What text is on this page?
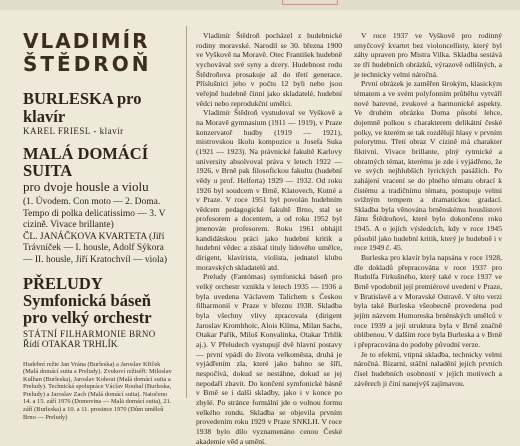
VLADIMÍR

ŠTĚDROŇ

BURLESKA pro klavír

KAREL FRIESL - klavír

MALÁ DOMÁCÍ

SUITA

pro dvoje housle a violu

(1. Úvodem. Con moto — 2. Doma. Tempo di polka delicatissimo — 3. V cizině. Vivace brillante)

ČL. JANÁČKOVA KVARTETA (Jiří Trávníček — I. housle, Adolf Sýkora — II. housle, Jiří Kratochvíl — viola)

PŘELUDY

Symfonická báseň pro velký orchestr

STÁTNÍ FILHARMONIE BRNO

Řídí OTAKAR TRHLÍK

Hudební režie Jan Vrána (Burleska) a Jaroslav Křiček (Malá domácí suita a Preludy). Zvukoví režiséři: Miloslav Kulhan (Burleska), Jaroslav Kohout (Malá domácí suita a Preludy). Technická spolupráce Václav Roubal (Burleska, Preludy) a Jaroslav Zach (Malá domácí suita). Natočeno 14. a 15. září 1976 (Domovina — Malá domácí suita), 21. září (Burleska) a 10. a 11. prosince 1970 (Dům umělců Brno — Preludy)

Vladimír Štědroň pocházel z hudebnické rodiny moravské. Narodil se 30. března 1900 ve Vyškově na Moravě. Otec František hudebně vychovával své syny a dcery. Hudebnost rodu Štědroňova prosakuje až do třetí generace. Příslušníci jeho v počtu 12 byli nebo jsou veřejně hudebně činní jako skladatelé, hudební vědci nebo reprodukční umělci.

Vladimír Štědroň vystudoval ve Vyškově a na Moravě gymnasium (1911 — 1919), v Praze konzervatoř hudby (1919 — 1921), mistrovskou školu kompozice u Josefa Suka (1921 — 1923). Na právnické fakultě Karlovy university absolvoval práva v letech 1922 — 1926, v Brně pak filosofickou fakultu (hudební vědy u prof. Helferta) 1929 — 1932. Od roku 1926 byl soudcem v Brně, Klatovech, Kutné a v Praze. V roce 1951 byl povolán hudebním vědcem pedagogické fakultě Brno, stal se profesorem a docentem, a od roku 1952 byl jmenován profesorem. Roku 1961 obhájil kandidátskou práci jako hudební kritik a hudební vědec a získal tituly lidového umělce, dirigent, klavírista, violista, jednatel klubu moravských skladatelů atd.

Preludy (Fantómas) symfonická báseň pro velký orchestr vznikla v letech 1935 — 1936 a byla uvedena Václavem Talichem s Českou filharmonií v Praze v březnu 1938. Skladba byla všechny vlivy zpracovala (dirigent Jaroslav Krombholc, Alois Klíma, Milan Sachs, Otakar Pařík, Miloš Konvalinka, Otakar Trhlík aj.). V Přeludech vystupují dvě hlavní postavy — první vpádí do života velkoměsta, druhá je vyjádřením zla, které jako bahno se šíří, nespočívá, dokud se nestáhne, dokud se jej nepodaří zbavit. Do končení symfonické básně v Brně se i další skladby, jako i v konce po zbylé. Po stránce formální jde o volnou formu velkého rondu. Skladba se objevila prvním provedením roku 1929 v Praze SNKLH. V roce 1938 bylo dílo vyznamenáno cenou České akademie věd a umění.

V roce 1937 ve Vyškově pro rodinný smyčcový kvartet bez violoncellisty, který byl záhy upraven pro Mistra Vilka. Skladba sestává ze tří hudebních obrázků, výrazově odlišných, a je technicky velmi náročná.

První obrázek je zaměřen širokým, klasickým tématem a ve svém polyfonním průběhu vytváří nové barevné, zvukové a harmonické aspekty. Ve druhém obrázku Doma působí lehce, dojemně polkou s charakterem delikátní české polky, ve kterém se tak rozdělují hlasy v prvním polorytmu. Třetí obraz V cizině má charakter fiktivní. Vivace brillante, plný rytmické a obratných témat, kterému je zde i vyjádřeno, že ve svých nejhlubších lyrických pasážích. Po zahájení vracení se do plného tématu obrací k čistému a tradičnímu tématu, postupuje velmi svižným tempem a dramatickou gradací. Skladba byla věnována brněnskému houslistovi Jánu Štědroňovi, které bylo dokončeno roku 1945. A o jejích výsledcích, kdy v roce 1945 působil jako hudební kritik, který je hudebně i v roce 1949 č. 45.

Burleska pro klavír byla napsána v roce 1928, dle dokladů přepracována v roce 1937 pro Rudolfa Firkušného, který také v roce 1937 ve Brně vpodobnil její premiérové uvedení v Praze, v Bratislavě a v Moravské Ostravě. V této verzi byla také Burleska všeobecně provedena pod jejím názvem Humoreska brněnských umělců v roce 1939 a její struktura byla v Brně značně oblíbenou. V dalším roce byla Burleska a v Brně i přepracována do podoby původní verze.

Je to efektní, vtipná skladba, technicky velmi náročná. Bizarní, stáční naladění jejích prvních čísel hudebních osobností v jejích motivech a závěrech ji činí nanejvýš zajímavou.
